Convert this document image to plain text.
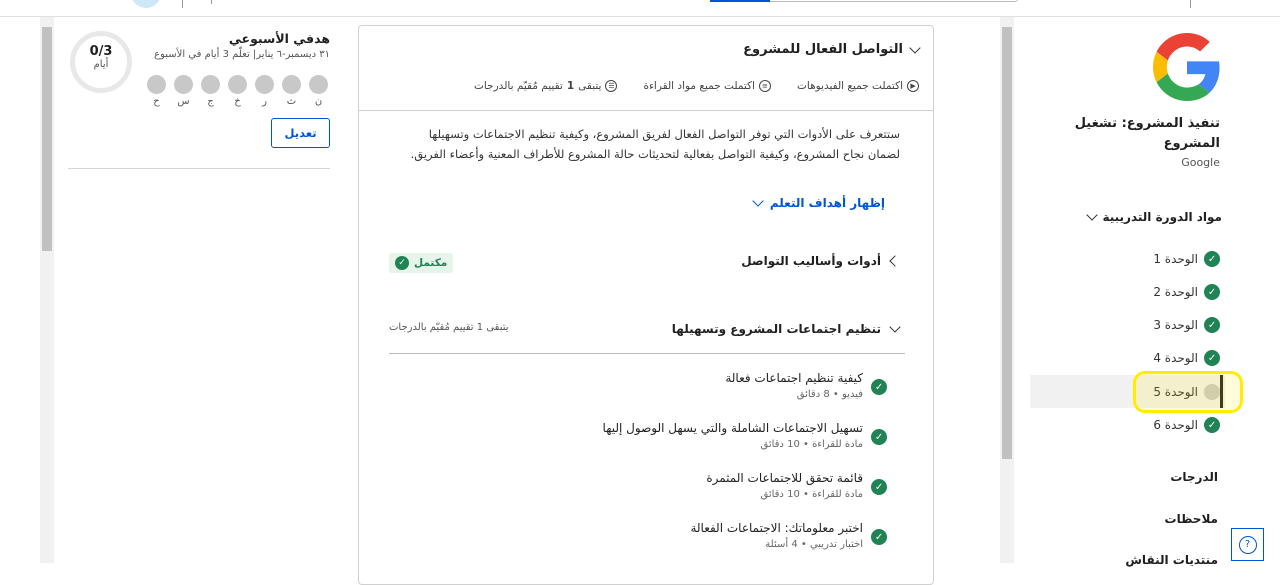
تنفيذ المشروع: تشغيل المشروع
Google
مواد الدورة التدريبية
✓
الوحدة 1
✓
الوحدة 2
✓
الوحدة 3
✓
الوحدة 4
الوحدة 5
✓
الوحدة 6
الدرجات
ملاحظات
منتديات النقاش
?
التواصل الفعال للمشروع
▶
اكتملت جميع الفيديوهات
≡
اكتملت جميع مواد القراءة
☰
يتبقى
1
تقييم مُقيّم بالدرجات
ستتعرف على الأدوات التي توفر التواصل الفعال لفريق المشروع، وكيفية تنظيم الاجتماعات وتسهيلها لضمان نجاح المشروع، وكيفية التواصل بفعالية لتحديثات حالة المشروع للأطراف المعنية وأعضاء الفريق.
إظهار أهداف التعلم
أدوات وأساليب التواصل
مكتمل
✓
تنظيم اجتماعات المشروع وتسهيلها
يتبقى 1 تقييم مُقيّم بالدرجات
✓
كيفية تنظيم اجتماعات فعالة
فيديو • 8 دقائق
✓
تسهيل الاجتماعات الشاملة والتي يسهل الوصول إليها
مادة للقراءة • 10 دقائق
✓
قائمة تحقق للاجتماعات المثمرة
مادة للقراءة • 10 دقائق
✓
اختبر معلوماتك: الاجتماعات الفعالة
اختبار تدريبي • 4 أسئلة
هدفي الأسبوعي
٣١ ديسمبر-٦ يناير| تعلّم 3 أيام في الأسبوع
0/3
أيام
ن
ث
ر
خ
ج
س
ح
تعديل
